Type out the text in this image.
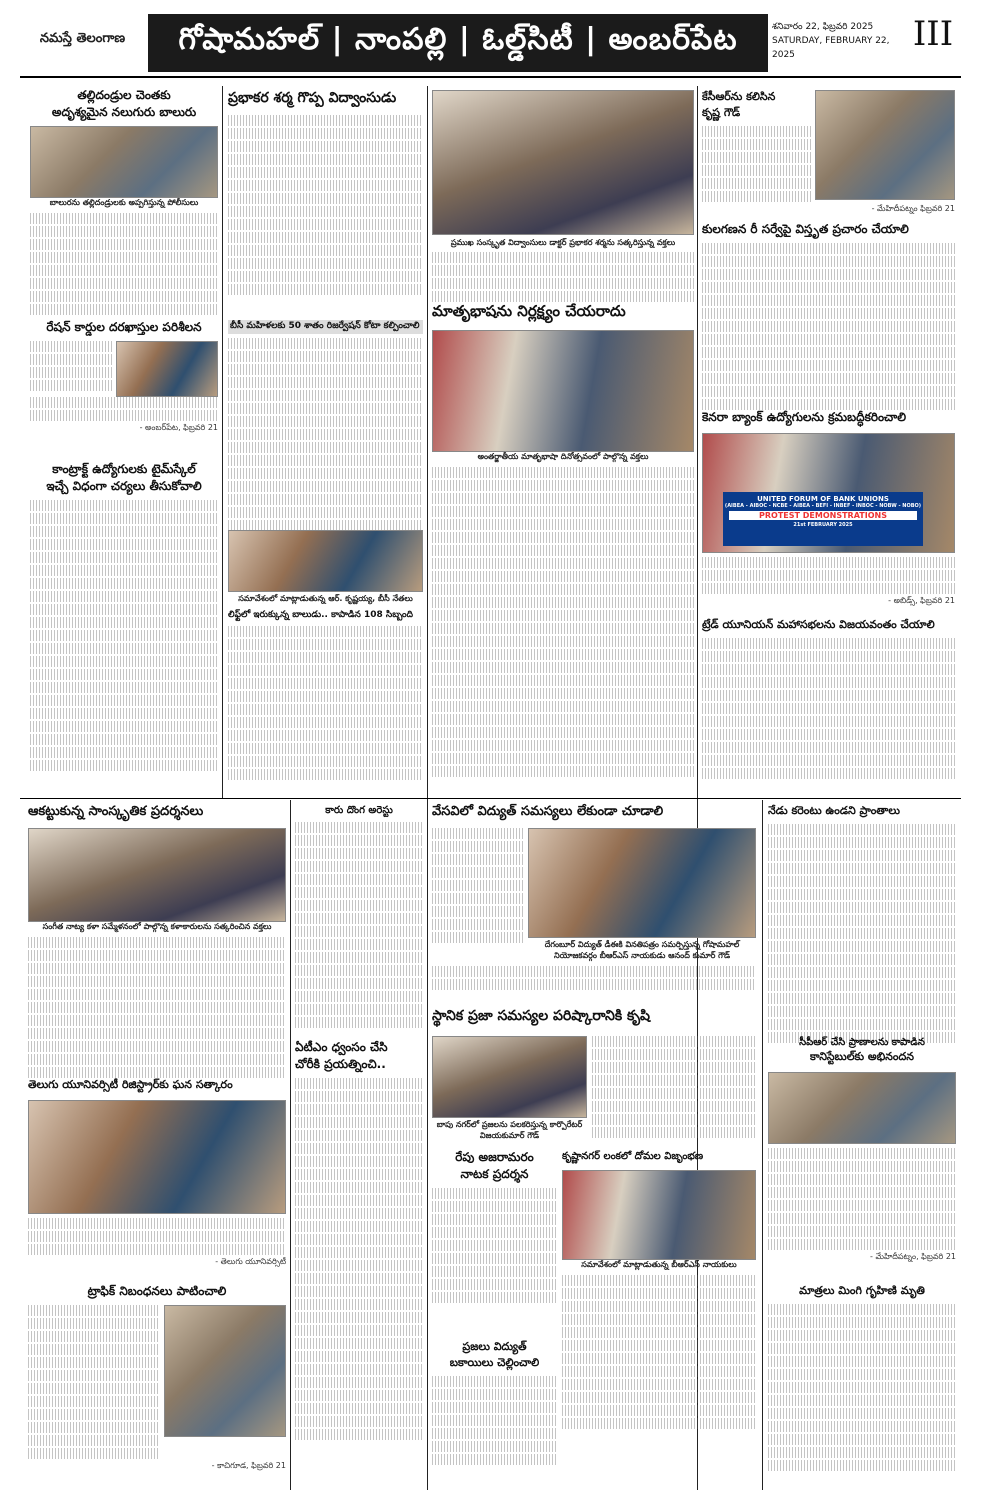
నమస్తే తెలంగాణ	గోషామహల్ | నాంపల్లి | ఓల్డ్‌సిటీ | అంబర్‌పేట	శనివారం 22, ఫిబ్రవరి 2025
SATURDAY, FEBRUARY 22, 2025
III
తల్లిదండ్రుల చెంతకు
అదృశ్యమైన నలుగురు బాలురు
బాలురను తల్లిదండ్రులకు అప్పగిస్తున్న పోలీసులు
రేషన్ కార్డుల దరఖాస్తుల పరిశీలన
- అంబర్‌పేట, ఫిబ్రవరి 21
కాంట్రాక్ట్ ఉద్యోగులకు టైమ్‌స్కేల్
ఇచ్చే విధంగా చర్యలు తీసుకోవాలి
ప్రభాకర శర్మ గొప్ప విద్వాంసుడు
ప్రముఖ సంస్కృత విద్వాంసులు డాక్టర్ ప్రభాకర శర్మను సత్కరిస్తున్న వక్తలు
బీసీ మహిళలకు 50 శాతం రిజర్వేషన్ కోటా కల్పించాలి
సమావేశంలో మాట్లాడుతున్న ఆర్. కృష్ణయ్య, బీసీ నేతలు
లిఫ్ట్‌లో ఇరుక్కున్న బాలుడు.. కాపాడిన 108 సిబ్బంది
మాతృభాషను నిర్లక్ష్యం చేయరాదు
అంతర్జాతీయ మాతృభాషా దినోత్సవంలో పాల్గొన్న వక్తలు
కేసీఆర్‌ను కలిసిన
కృష్ణ గౌడ్
- మేహిదీపట్నం ఫిబ్రవరి 21
కులగణన రీ సర్వేపై విస్తృత ప్రచారం చేయాలి
కెనరా బ్యాంక్ ఉద్యోగులను క్రమబద్ధీకరించాలి
UNITED FORUM OF BANK UNIONS
(AIBEA - AIBOC - NCBE - AIBEA - BEFI - INBEF - INBOC - NOBW - NOBO)
PROTEST DEMONSTRATIONS
21st FEBRUARY 2025
- అబిడ్స్, ఫిబ్రవరి 21
ట్రేడ్ యూనియన్ మహాసభలను విజయవంతం చేయాలి
ఆకట్టుకున్న సాంస్కృతిక ప్రదర్శనలు
సంగీత నాట్య కళా సమ్మేళనంలో పాల్గొన్న కళాకారులను సత్కరించిన వక్తలు
తెలుగు యూనివర్సిటీ రిజిస్ట్రార్‌కు ఘన సత్కారం
- తెలుగు యూనివర్సిటీ
ట్రాఫిక్ నిబంధనలు పాటించాలి
- కాచిగూడ, ఫిబ్రవరి 21
కారు దొంగ అరెస్టు
ఏటీఎం ధ్వంసం చేసి
చోరీకి ప్రయత్నించి..
వేసవిలో విద్యుత్ సమస్యలు లేకుండా చూడాలి
దేగంబూర్ విద్యుత్ డీఈకి వినతిపత్రం సమర్పిస్తున్న గోషామహల్ నియోజకవర్గం బీఆర్ఎస్ నాయకుడు ఆనంద్ కుమార్ గౌడ్
స్థానిక ప్రజా సమస్యల పరిష్కారానికి కృషి
బాపు నగర్‌లో ప్రజలను పలకరిస్తున్న కార్పొరేటర్ విజయకుమార్ గౌడ్
రేపు అజరామరం
నాటక ప్రదర్శన
ప్రజలు విద్యుత్
బకాయిలు చెల్లించాలి
కృష్ణానగర్ లంకలో దోమల విజృంభణ
సమావేశంలో మాట్లాడుతున్న బీఆర్ఎస్ నాయకులు
నేడు కరెంటు ఉండని ప్రాంతాలు
సీపీఆర్ చేసి ప్రాణాలను కాపాడిన
కానిస్టేబుల్‌కు అభినందన
- మేహిదీపట్నం, ఫిబ్రవరి 21
మాత్రలు మింగి గృహిణి మృతి
